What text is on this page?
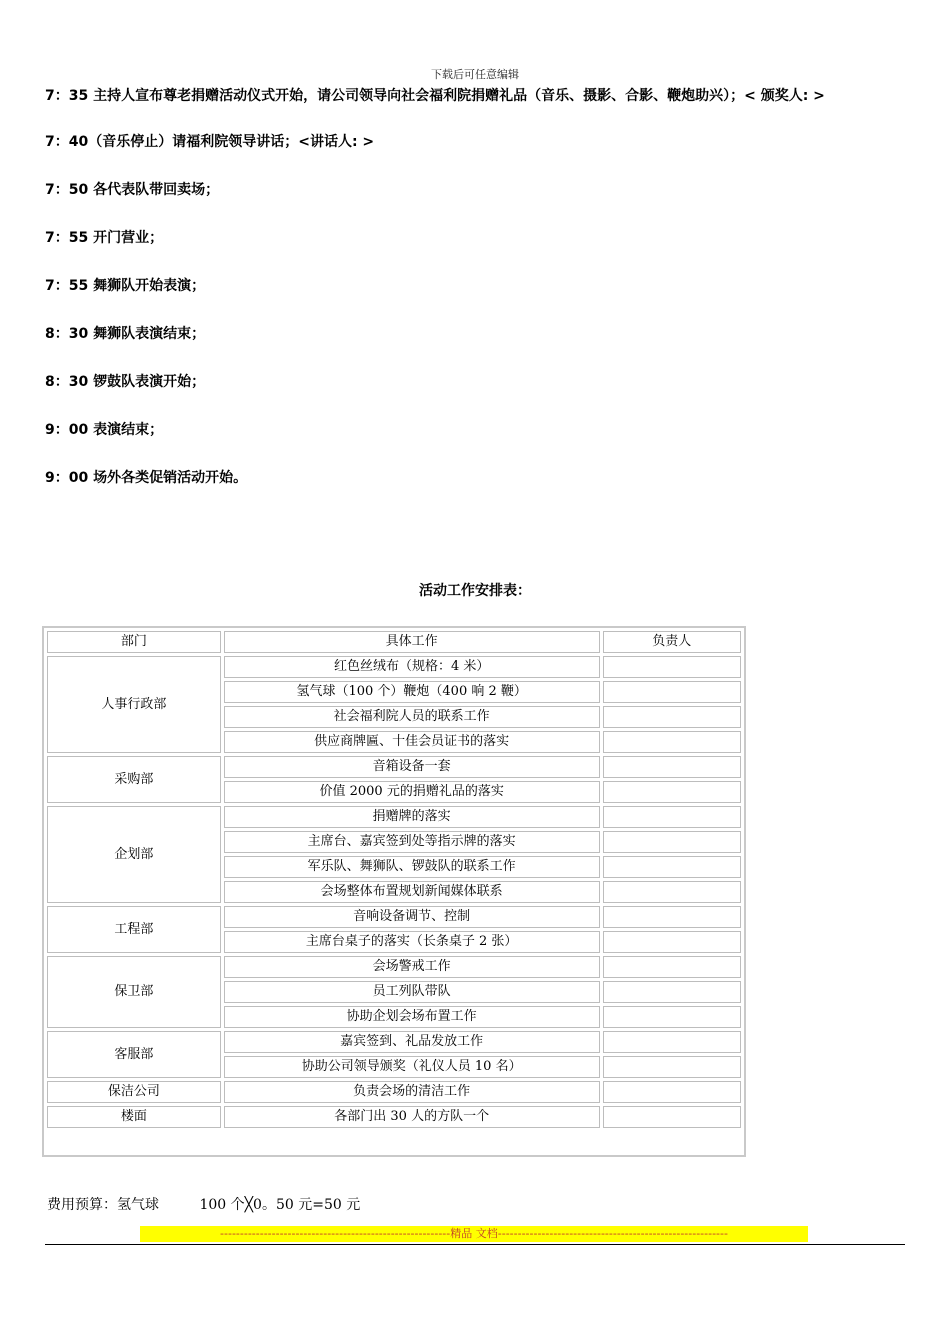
下载后可任意编辑
7：35 主持人宣布尊老捐赠活动仪式开始，请公司领导向社会福利院捐赠礼品（音乐、摄影、合影、鞭炮助兴）；< 颁奖人: >
7：40（音乐停止）请福利院领导讲话；<讲话人: >
7：50 各代表队带回卖场；
7：55 开门营业；
7：55 舞狮队开始表演；
8：30 舞狮队表演结束；
8：30 锣鼓队表演开始；
9：00 表演结束；
9：00 场外各类促销活动开始。
活动工作安排表：
部门	具体工作	负责人
人事行政部	红色丝绒布（规格：4 米）	
	氢气球（100 个）鞭炮（400 响 2 鞭）	
	社会福利院人员的联系工作	
	供应商牌匾、十佳会员证书的落实	
采购部	音箱设备一套	
	价值 2000 元的捐赠礼品的落实	
企划部	捐赠牌的落实	
	主席台、嘉宾签到处等指示牌的落实	
	军乐队、舞狮队、锣鼓队的联系工作	
	会场整体布置规划新闻媒体联系	
工程部	音响设备调节、控制	
	主席台桌子的落实（长条桌子 2 张）	
保卫部	会场警戒工作	
	员工列队带队	
	协助企划会场布置工作	
客服部	嘉宾签到、礼品发放工作	
	协助公司领导颁奖（礼仪人员 10 名）	
保洁公司	负责会场的清洁工作	
楼面	各部门出 30 人的方队一个	
费用预算：氢气球	100 个╳0。50 元=50 元
----------------------------------------------------------精品 文档----------------------------------------------------------
